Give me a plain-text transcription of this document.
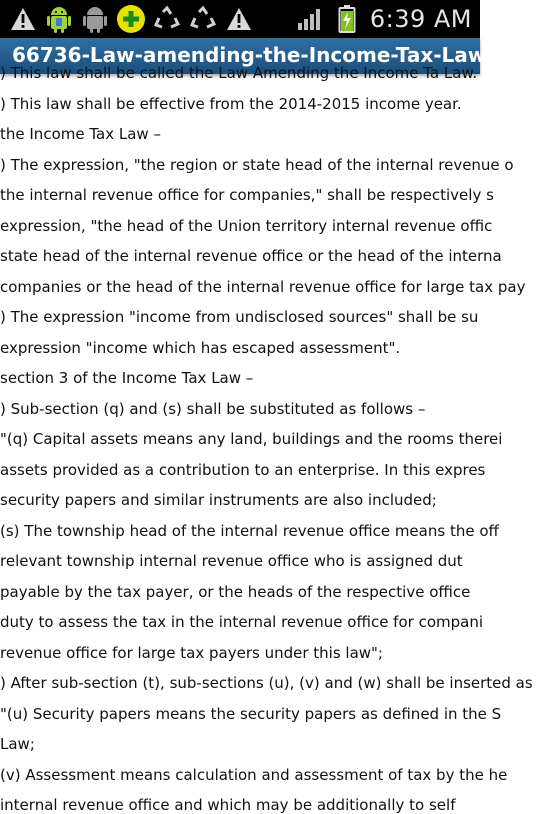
6:39 AM
66736-Law-amending-the-Income-Tax-Law-10....
) This law shall be called the Law Amending the Income Ta Law.
) This law shall be effective from the 2014-2015 income year.
the Income Tax Law –
) The expression, "the region or state head of the internal revenue o
the internal revenue office for companies," shall be respectively s
expression, "the head of the Union territory internal revenue offic
state head of the internal revenue office or the head of the interna
companies or the head of the internal revenue office for large tax pay
) The expression "income from undisclosed sources" shall be su
expression "income which has escaped assessment".
section 3 of the Income Tax Law –
) Sub-section (q) and (s) shall be substituted as follows –
"(q) Capital assets means any land, buildings and the rooms therei
assets provided as a contribution to an enterprise. In this expres
security papers and similar instruments are also included;
(s) The township head of the internal revenue office means the off
relevant township internal revenue office who is assigned dut
payable by the tax payer, or the heads of the respective office
duty to assess the tax in the internal revenue office for compani
revenue office for large tax payers under this law";
) After sub-section (t), sub-sections (u), (v) and (w) shall be inserted as
"(u) Security papers means the security papers as defined in the S
Law;
(v) Assessment means calculation and assessment of tax by the he
internal revenue office and which may be additionally to self
